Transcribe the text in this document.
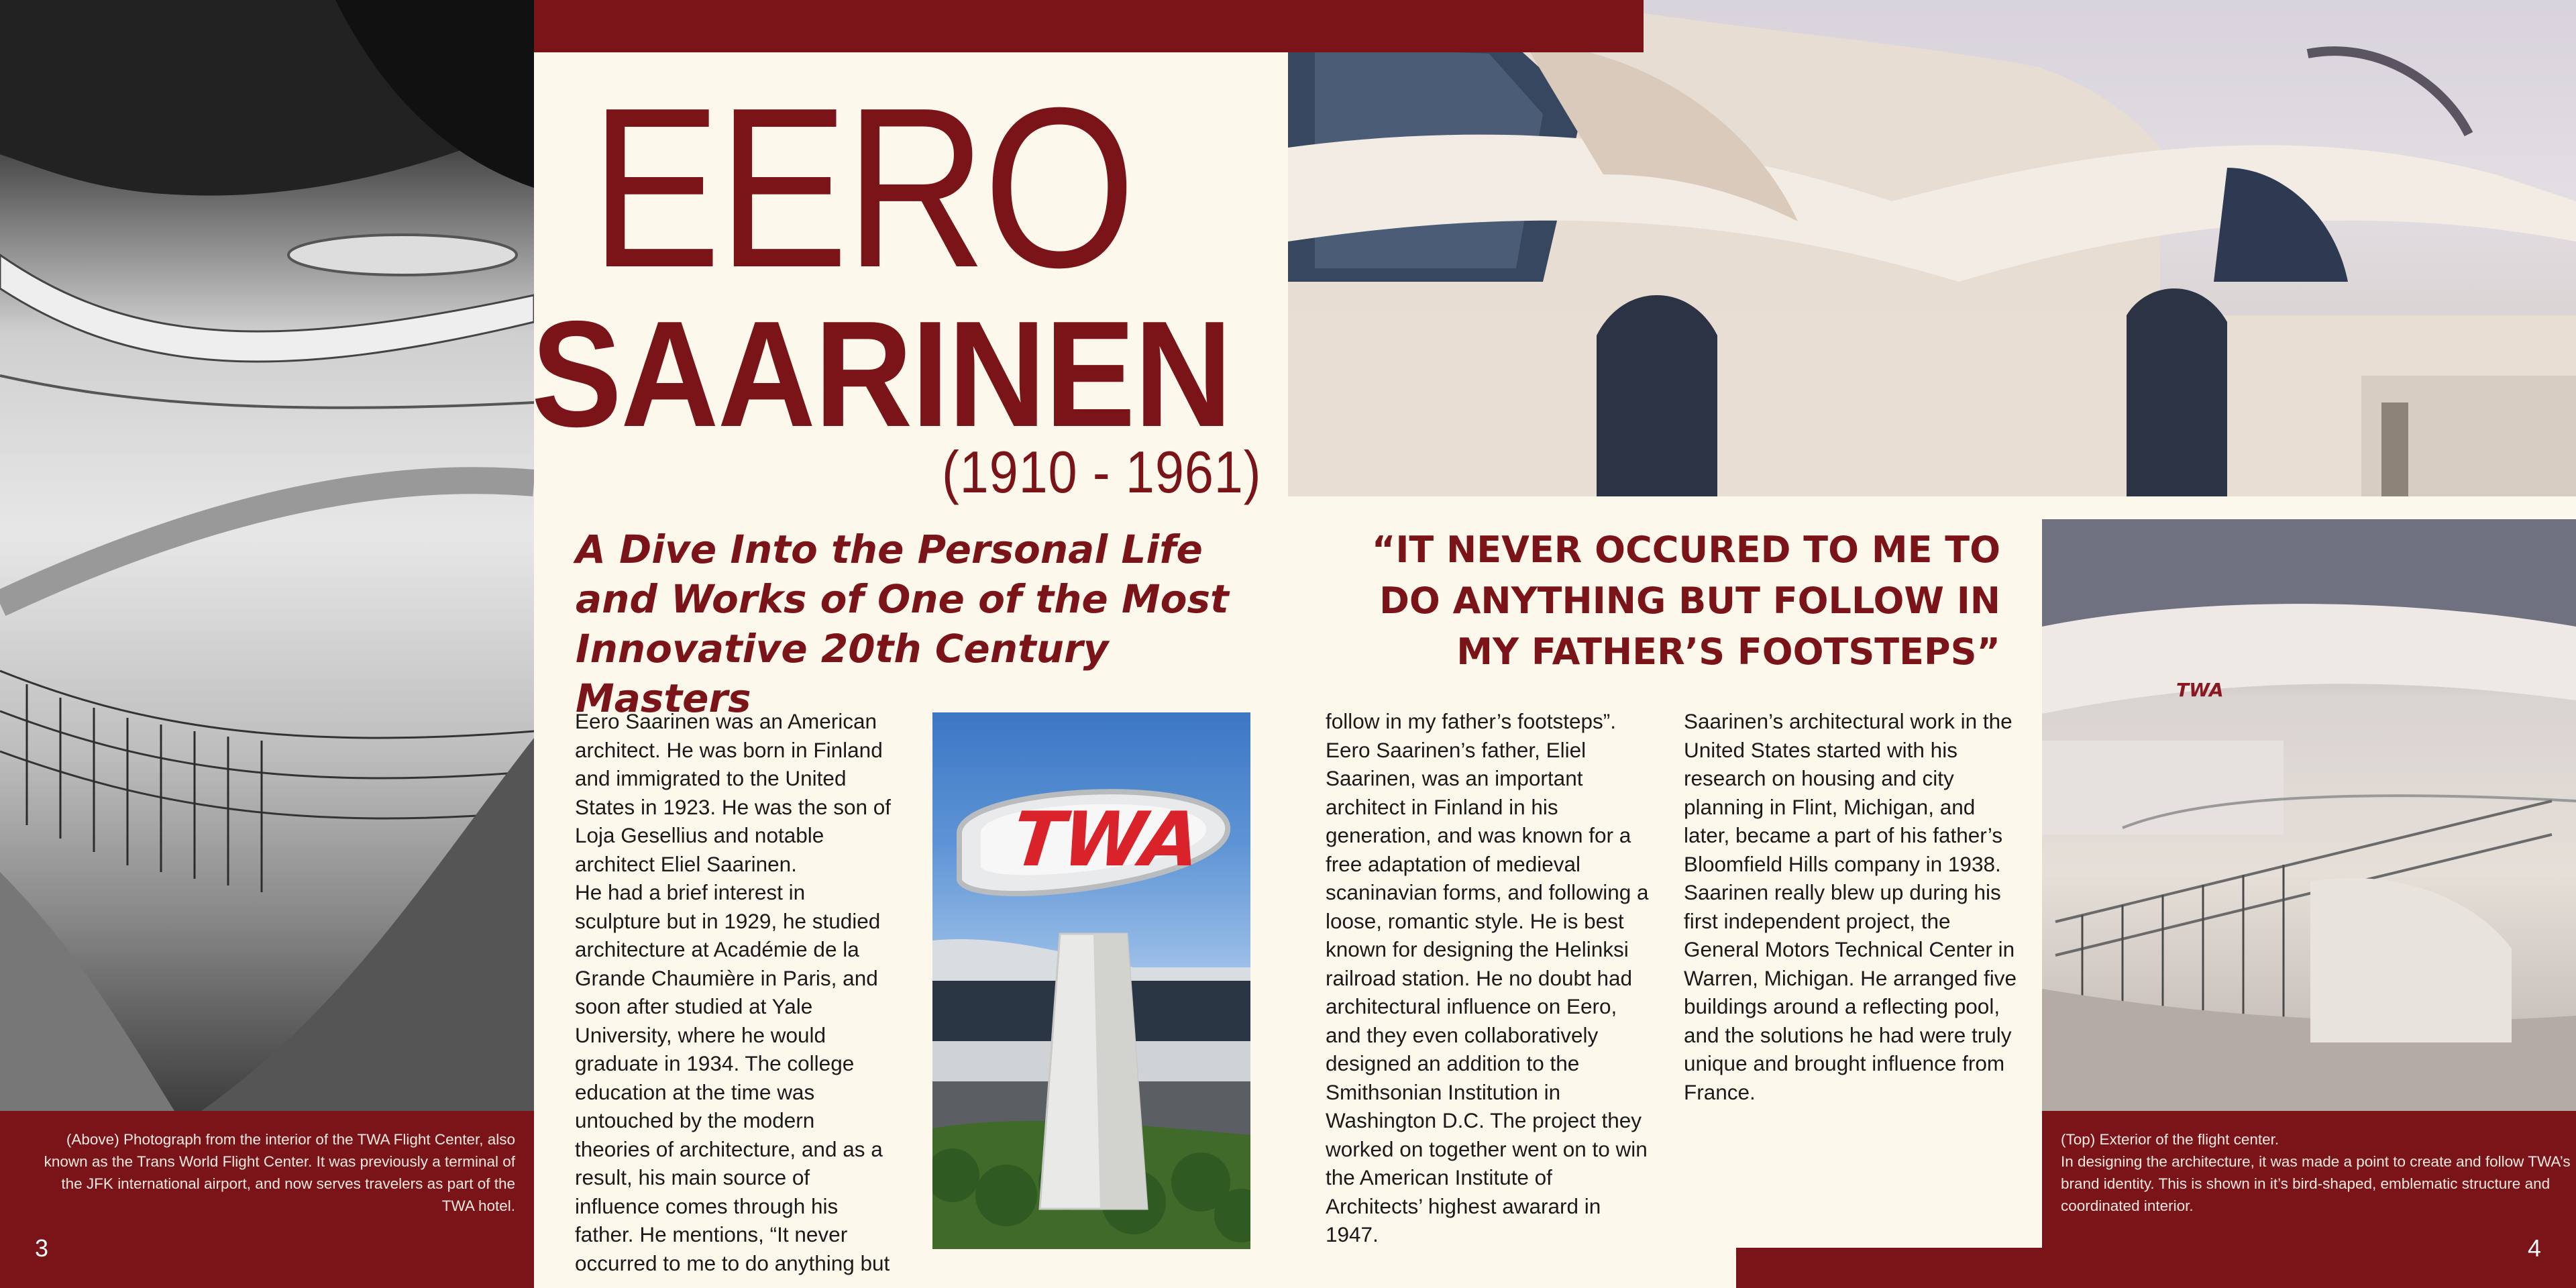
TWA
TWA
EERO
SAARINEN
(1910 - 1961)
A Dive Into the Personal Life and Works of One of the Most Innovative 20th Century Masters
“IT NEVER OCCURED TO ME TO DO ANYTHING BUT FOLLOW IN MY FATHER’S FOOTSTEPS”

Eero Saarinen was an American architect. He was born in Finland and immigrated to the United States in 1923. He was the son of Loja Gesellius and notable architect Eliel Saarinen.

He had a brief interest in sculpture but in 1929, he studied architecture at Académie de la Grande Chaumière in Paris, and soon after studied at Yale University, where he would graduate in 1934. The college education at the time was untouched by the modern theories of architecture, and as a result, his main source of influence comes through his father. He mentions, “It never occurred to me to do anything but

follow in my father’s footsteps”. Eero Saarinen’s father, Eliel Saarinen, was an important architect in Finland in his generation, and was known for a free adaptation of medieval scaninavian forms, and following a loose, romantic style. He is best known for designing the Helinksi railroad station. He no doubt had architectural influence on Eero, and they even collaboratively designed an addition to the Smithsonian Institution in Washington D.C. The project they worked on together went on to win the American Institute of Architects’ highest awarard in 1947.

Saarinen’s architectural work in the United States started with his research on housing and city planning in Flint, Michigan, and later, became a part of his father’s Bloomfield Hills company in 1938.

Saarinen really blew up during his first independent project, the General Motors Technical Center in Warren, Michigan. He arranged five buildings around a reflecting pool, and the solutions he had were truly unique and brought influence from France.

(Above) Photograph from the interior of the TWA Flight Center, also known as the Trans World Flight Center. It was previously a terminal of the JFK international airport, and now serves travelers as part of the TWA hotel.
(Top) Exterior of the flight center.
In designing the architecture, it was made a point to create and follow TWA’s brand identity. This is shown in it’s bird-shaped, emblematic structure and coordinated interior.
3	4
